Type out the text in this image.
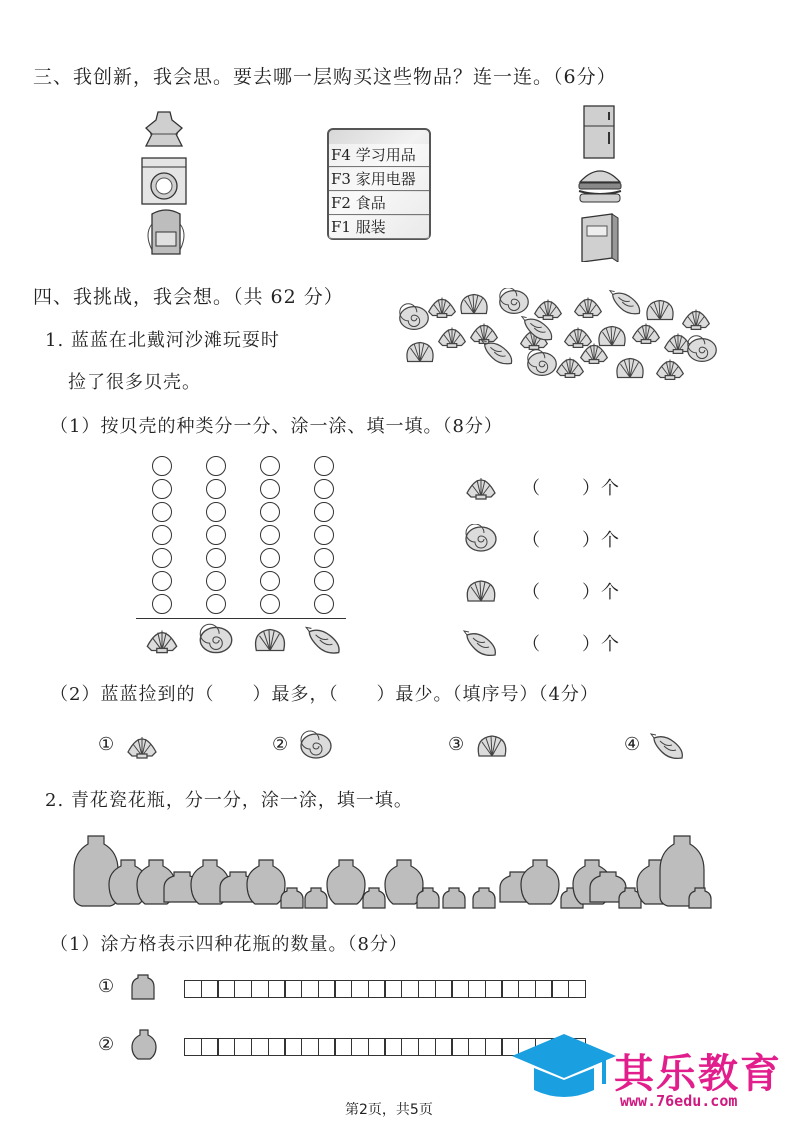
三、我创新，我会思。要去哪一层购买这些物品？连一连。（6分）
F4 学习用品
F3 家用电器
F2 食品
F1 服装
四、我挑战，我会想。（共 62 分）
1. 蓝蓝在北戴河沙滩玩耍时
捡了很多贝壳。
（1）按贝壳的种类分一分、涂一涂、填一填。（8分）
（ ）个
（ ）个
（ ）个
（ ）个
（2）蓝蓝捡到的（　　）最多，（　　）最少。（填序号）（4分）
①	②	③	④
2. 青花瓷花瓶，分一分，涂一涂，填一填。
（1）涂方格表示四种花瓶的数量。（8分）
①
②
其乐教育
www.76edu.com
第2页，共5页
